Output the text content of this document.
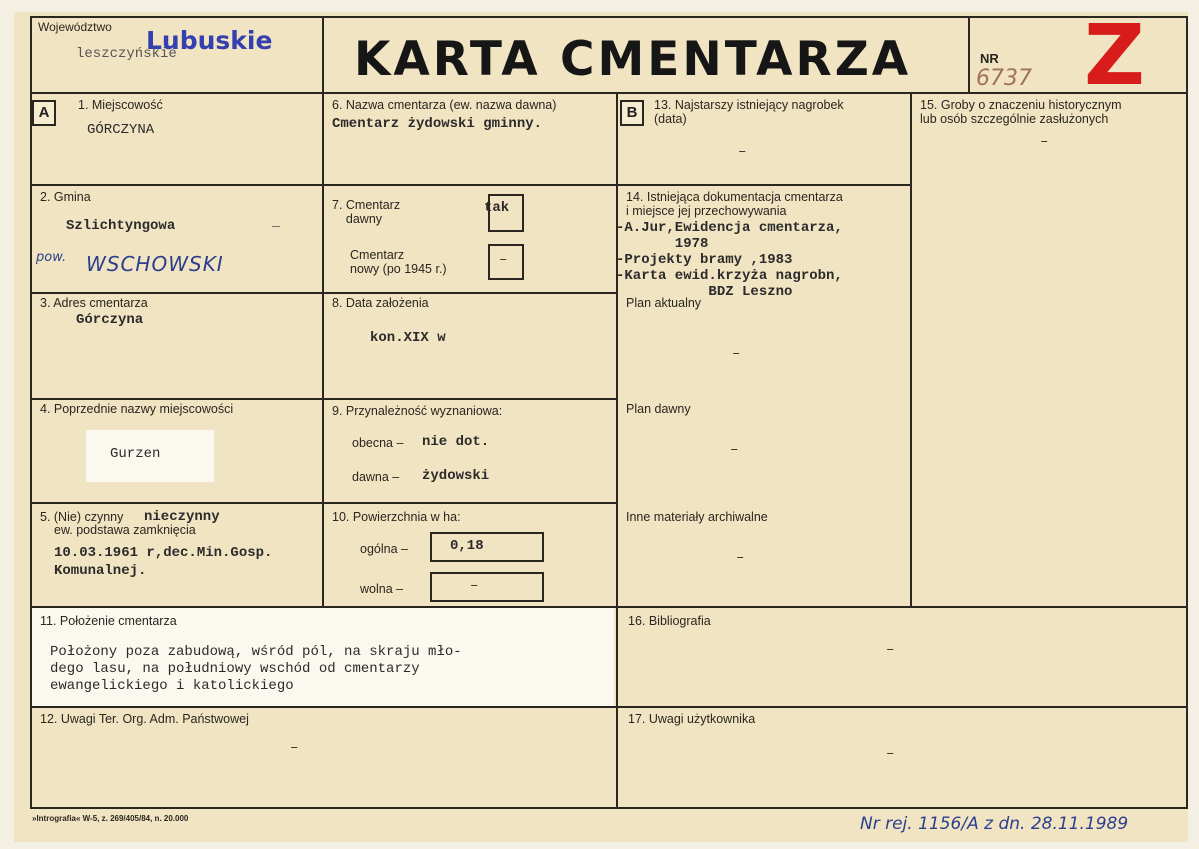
Województwo
leszczyńskie
Lubuskie KARTA CMENTARZA	NR
6737 Z
A	B
1. Miejscowość
GÓRCZYNA
2. Gmina
Szlichtyngowa
pow. WSCHOWSKI
3. Adres cmentarza
Górczyna
4. Poprzednie nazwy miejscowości
Gurzen
5. (Nie) czynny nieczynny
ew. podstawa zamknięcia
10.03.1961 r,dec.Min.Gosp.
Komunalnej.
6. Nazwa cmentarza (ew. nazwa dawna)
Cmentarz żydowski gminny.
7. Cmentarz
dawny
tak
Cmentarz
nowy (po 1945 r.)
–
8. Data założenia
kon.XIX w
9. Przynależność wyznaniowa:
obecna – nie dot.
dawna – żydowski
10. Powierzchnia w ha:
ogólna –	0,18
wolna –	–
13. Najstarszy istniejący nagrobek
(data)
–
14. Istniejąca dokumentacja cmentarza
i miejsce jej przechowywania
-A.Jur,Ewidencja cmentarza,
1978
-Projekty bramy ,1983
-Karta ewid.krzyża nagrobn,
BDZ Leszno
Plan aktualny
–
Plan dawny
–
Inne materiały archiwalne
–
15. Groby o znaczeniu historycznym
lub osób szczególnie zasłużonych
–
11. Położenie cmentarza
Położony poza zabudową, wśród pól, na skraju mło-
dego lasu, na południowy wschód od cmentarzy
ewangelickiego i katolickiego
16. Bibliografia
–
12. Uwagi Ter. Org. Adm. Państwowej
–
17. Uwagi użytkownika
–
»Intrografia« W-5, z. 269/405/84, n. 20.000	Nr rej. 1156/A z dn. 28.11.1989
